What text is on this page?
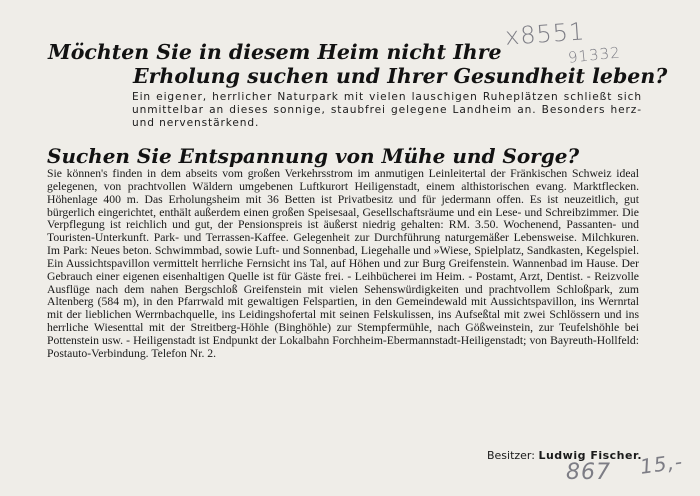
x8551
91332
Möchten Sie in diesem Heim nicht Ihre
Erholung suchen und Ihrer Gesundheit leben?
Ein eigener, herrlicher Naturpark mit vielen lauschigen Ruheplätzen schließt sich unmittelbar an dieses sonnige, staubfrei gelegene Landheim an. Besonders herz- und nervenstärkend.
Suchen Sie Entspannung von Mühe und Sorge?

Sie können's finden in dem abseits vom großen Verkehrsstrom im anmutigen Leinleitertal der Fränkischen Schweiz ideal gelegenen, von prachtvollen Wäldern umgebenen Luftkurort Heiligenstadt, einem althistorischen evang. Marktflecken. Höhenlage 400 m. Das Erholungsheim mit 36 Betten ist Privatbesitz und für jedermann offen. Es ist neuzeitlich, gut bürgerlich eingerichtet, enthält außerdem einen großen Speisesaal, Gesellschaftsräume und ein Lese- und Schreibzimmer. Die Verpflegung ist reichlich und gut, der Pensionspreis ist äußerst niedrig gehalten: RM. 3.50. Wochenend, Passanten- und Touristen-Unterkunft. Park- und Terrassen-Kaffee. Gelegenheit zur Durchführung naturgemäßer Lebensweise. Milchkuren. Im Park: Neues beton. Schwimmbad, sowie Luft- und Sonnenbad, Liegehalle und »Wiese, Spielplatz, Sandkasten, Kegelspiel. Ein Aussichtspavillon vermittelt herrliche Fernsicht ins Tal, auf Höhen und zur Burg Greifenstein. Wannenbad im Hause. Der Gebrauch einer eigenen eisenhaltigen Quelle ist für Gäste frei. - Leihbücherei im Heim. - Postamt, Arzt, Dentist. - Reizvolle Ausflüge nach dem nahen Bergschloß Greifenstein mit vielen Sehenswürdigkeiten und prachtvollem Schloßpark, zum Altenberg (584 m), in den Pfarrwald mit gewaltigen Felspartien, in den Gemeindewald mit Aussichtspavillon, ins Wernrtal mit der lieblichen Werrnbachquelle, ins Leidingshofertal mit seinen Felskulissen, ins Aufseßtal mit zwei Schlössern und ins herrliche Wiesenttal mit der Streitberg-Höhle (Binghöhle) zur Stempfermühle, nach Gößweinstein, zur Teufelshöhle bei Pottenstein usw. - Heiligenstadt ist Endpunkt der Lokalbahn Forchheim-Ebermannstadt-Heiligenstadt; von Bayreuth-Hollfeld: Postauto-Verbindung. Telefon Nr. 2.

Besitzer: Ludwig Fischer.
867 15,-
